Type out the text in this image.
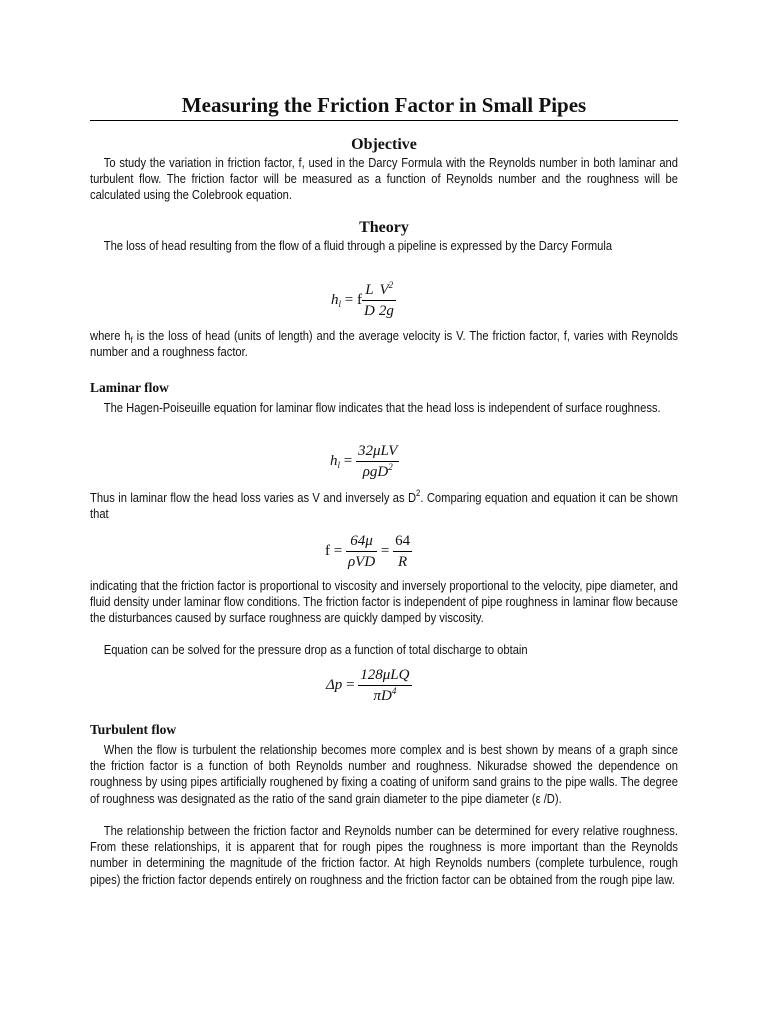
Measuring the Friction Factor in Small Pipes
Objective

To study the variation in friction factor, f, used in the Darcy Formula with the Reynolds number in both laminar and turbulent flow. The friction factor will be measured as a function of Reynolds number and the roughness will be calculated using the Colebrook equation.

Theory

The loss of head resulting from the flow of a fluid through a pipeline is expressed by the Darcy Formula

$h_l = f \frac{L}{D} \frac{V^2}{2g}$

where $h_f$ is the loss of head (units of length) and the average velocity is V. The friction factor, f, varies with Reynolds number and a roughness factor.

Laminar flow

The Hagen-Poiseuille equation for laminar flow indicates that the head loss is independent of surface roughness.

$h_l = \frac{\text{32μLV}}{\rho gD^2}$

Thus in laminar flow the head loss varies as V and inversely as $D^2$. Comparing equation and equation it can be shown that

$f = \frac{64\mu}{\text{ρVD}} = \frac{64}{R}$

indicating that the friction factor is proportional to viscosity and inversely proportional to the velocity, pipe diameter, and fluid density under laminar flow conditions. The friction factor is independent of pipe roughness in laminar flow because the disturbances caused by surface roughness are quickly damped by viscosity.

Equation can be solved for the pressure drop as a function of total discharge to obtain

$\Delta p = \frac{\text{128μLQ}}{\pi D^4}$
Turbulent flow

When the flow is turbulent the relationship becomes more complex and is best shown by means of a graph since the friction factor is a function of both Reynolds number and roughness. Nikuradse showed the dependence on roughness by using pipes artificially roughened by fixing a coating of uniform sand grains to the pipe walls. The degree of roughness was designated as the ratio of the sand grain diameter to the pipe diameter (ε /D).

The relationship between the friction factor and Reynolds number can be determined for every relative roughness. From these relationships, it is apparent that for rough pipes the roughness is more important than the Reynolds number in determining the magnitude of the friction factor. At high Reynolds numbers (complete turbulence, rough pipes) the friction factor depends entirely on roughness and the friction factor can be obtained from the rough pipe law.
